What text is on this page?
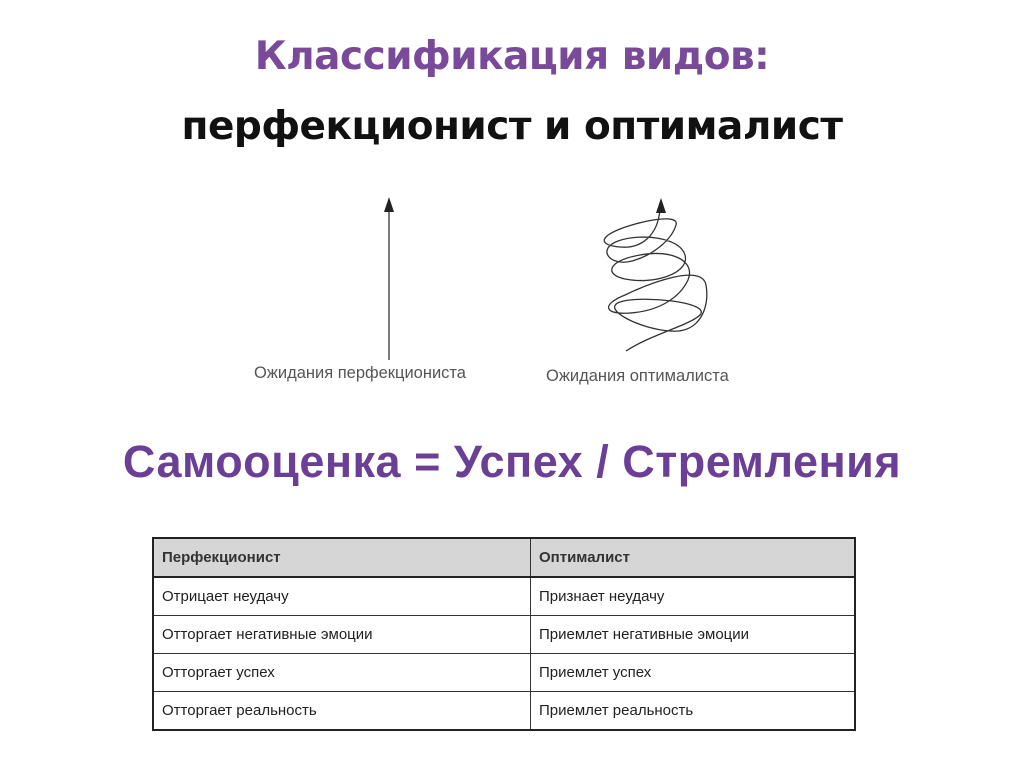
Классификация видов:
перфекционист и оптималист
Ожидания перфекциониста	Ожидания оптималиста
Самооценка = Успех / Стремления
Перфекционист	Оптималист
Отрицает неудачу	Признает неудачу
Отторгает негативные эмоции	Приемлет негативные эмоции
Отторгает успех	Приемлет успех
Отторгает реальность	Приемлет реальность
